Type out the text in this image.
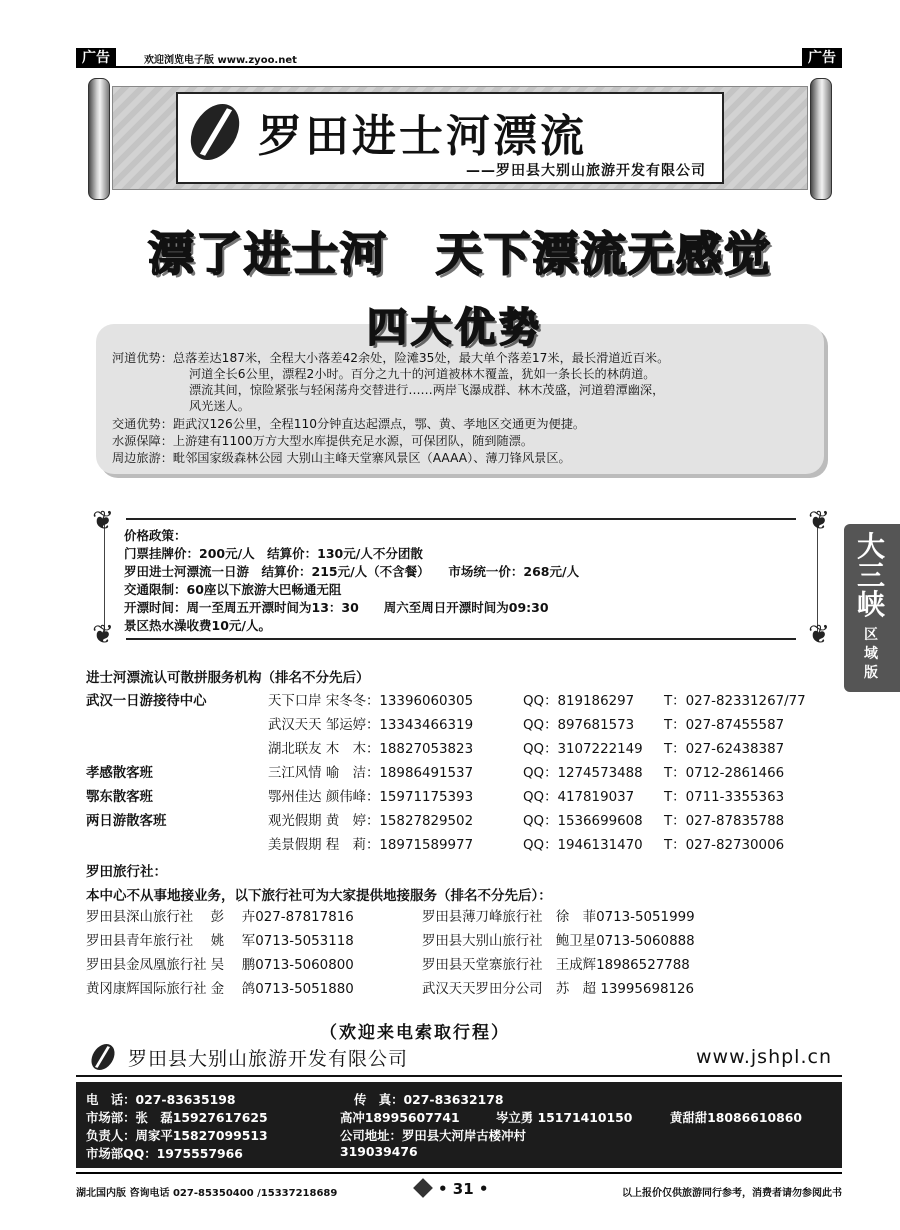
广告	欢迎浏览电子版 www.zyoo.net	广告
罗田进士河漂流
——罗田县大别山旅游开发有限公司
漂了进士河　天下漂流无感觉
河道优势：总落差达187米，全程大小落差42余处，险滩35处，最大单个落差17米，最长滑道近百米。
河道全长6公里，漂程2小时。百分之九十的河道被林木覆盖，犹如一条长长的林荫道。
漂流其间，惊险紧张与轻闲荡舟交替进行……两岸飞瀑成群、林木茂盛，河道碧潭幽深，
风光迷人。
交通优势：距武汉126公里，全程110分钟直达起漂点，鄂、黄、孝地区交通更为便捷。
水源保障：上游建有1100万方大型水库提供充足水源，可保团队，随到随漂。
周边旅游：毗邻国家级森林公园 大别山主峰天堂寨风景区（AAAA）、薄刀锋风景区。
四大优势
❦	❦
❦	❦
价格政策：
门票挂牌价：200元/人　结算价：130元/人不分团散
罗田进士河漂流一日游　结算价：215元/人（不含餐）　　市场统一价：268元/人
交通限制：60座以下旅游大巴畅通无阻
开漂时间：周一至周五开漂时间为13：30　　周六至周日开漂时间为09:30
景区热水澡收费10元/人。
大三峡
区域版
进士河漂流认可散拼服务机构（排名不分先后）
武汉一日游接待中心	天下口岸 宋冬冬：13396060305	QQ：819186297 T：027-82331267/77
武汉天天 邹运婷：13343466319	QQ：897681573 T：027-87455587
湖北联友 木　木：18827053823	QQ：3107222149 T：027-62438387
孝感散客班	三江风情 喻　洁：18986491537	QQ：1274573488 T：0712-2861466
鄂东散客班	鄂州佳达 颜伟峰：15971175393	QQ：417819037 T：0711-3355363
两日游散客班	观光假期 黄　婷：15827829502	QQ：1536699608 T：027-87835788
美景假期 程　莉：18971589977	QQ：1946131470 T：027-82730006
罗田旅行社：
本中心不从事地接业务，以下旅行社可为大家提供地接服务（排名不分先后）：
罗田县深山旅行社　 彭　 卉027-87817816	罗田县薄刀峰旅行社　徐　菲0713-5051999
罗田县青年旅行社　 姚　 军0713-5053118	罗田县大别山旅行社　鲍卫星0713-5060888
罗田县金凤凰旅行社 吴　 鹏0713-5060800	罗田县天堂寨旅行社　王成辉18986527788
黄冈康辉国际旅行社 金　 鸽0713-5051880	武汉天天罗田分公司　苏　超 13995698126
（欢迎来电索取行程）
罗田县大别山旅游开发有限公司	www.jshpl.cn
电　话：027-83635198	传　真：027-83632178
市场部：张　磊15927617625	高冲18995607741	岑立勇 15171410150	黄甜甜18086610860
负责人：周家平15827099513	公司地址：罗田县大河岸古楼冲村
市场部QQ：1975557966	319039476
湖北国内版 咨询电话 027-85350400 /15337218689	• 31 •	以上报价仅供旅游同行参考，消费者请勿参阅此书
